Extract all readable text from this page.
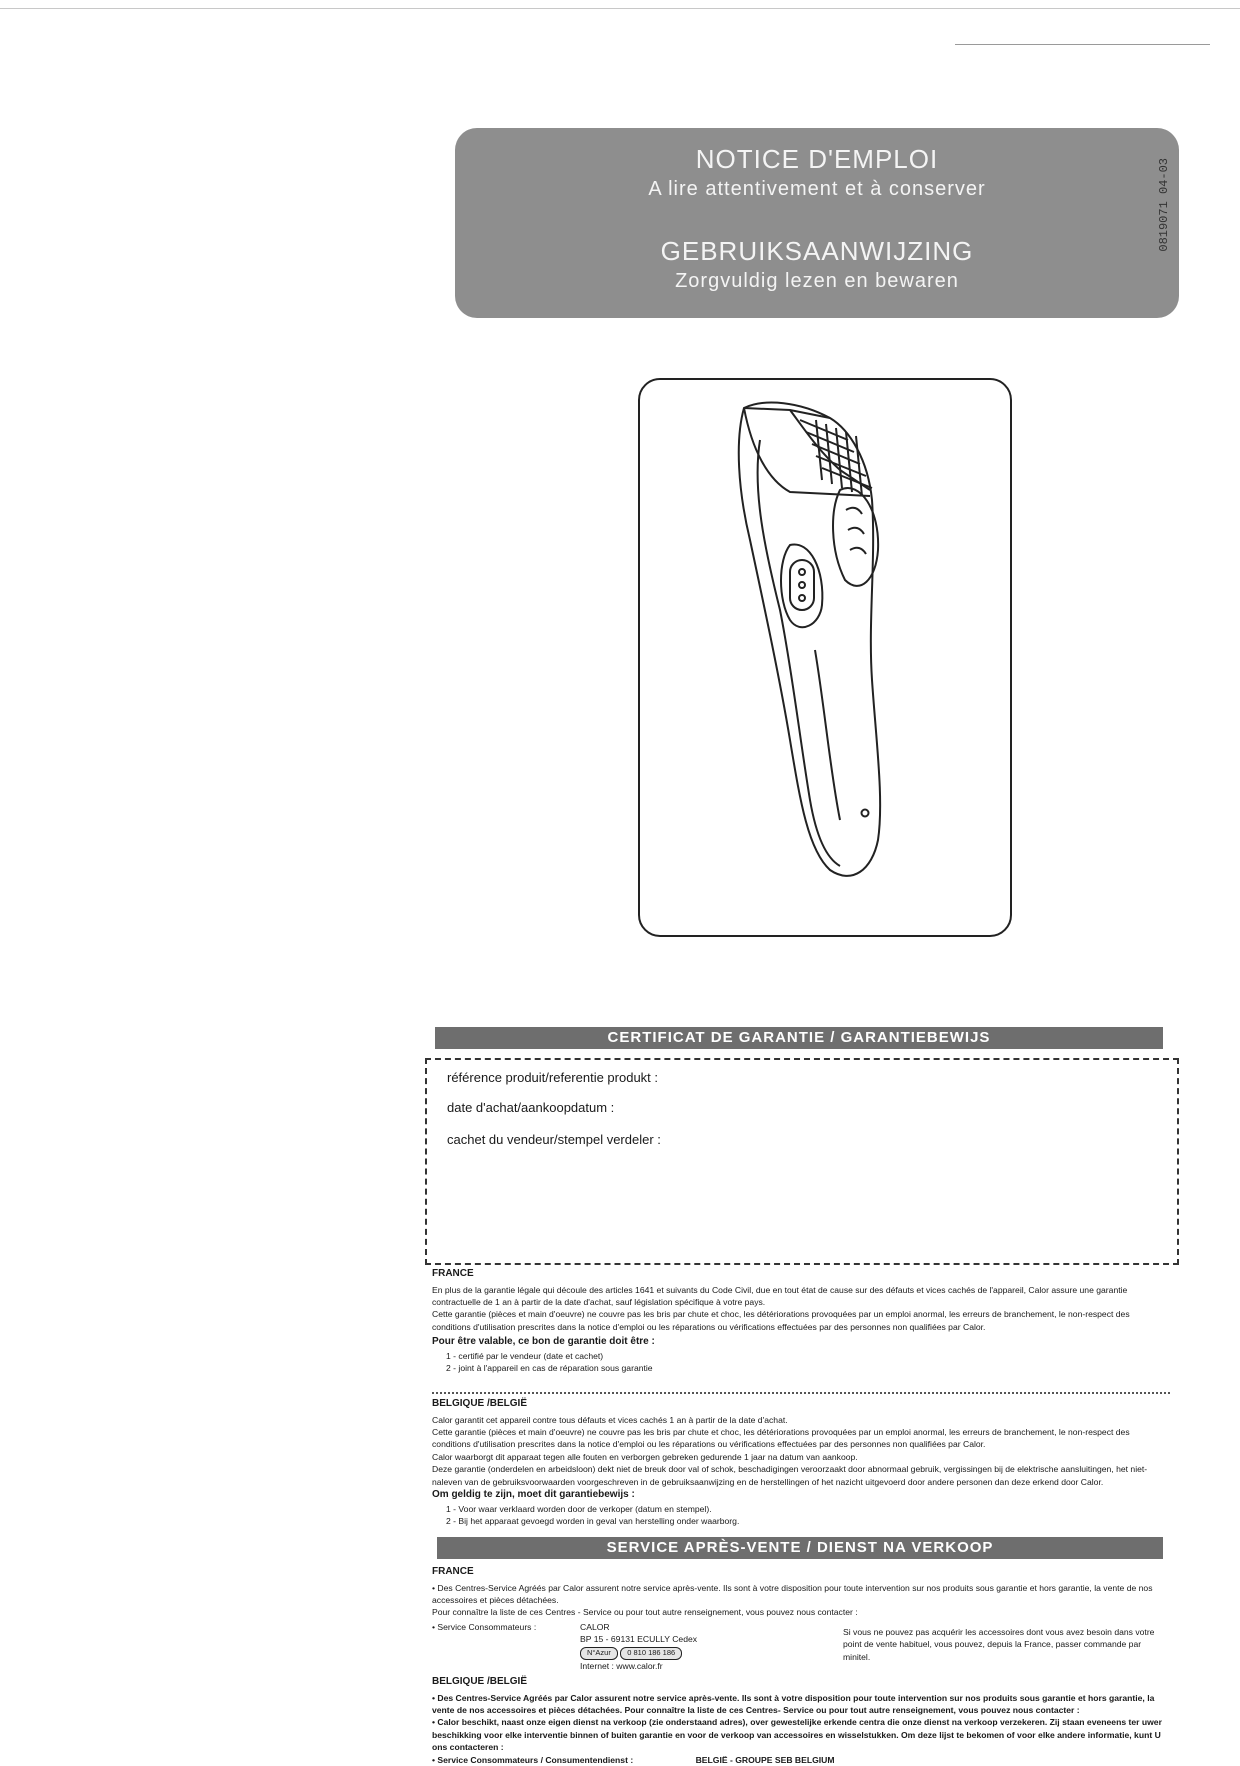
NOTICE D'EMPLOI
A lire attentivement et à conserver
GEBRUIKSAANWIJZING
Zorgvuldig lezen en bewaren
0819071 04-03
CERTIFICAT DE GARANTIE / GARANTIEBEWIJS
référence produit/referentie produkt :
date d'achat/aankoopdatum :
cachet du vendeur/stempel verdeler :

FRANCE

En plus de la garantie légale qui découle des articles 1641 et suivants du Code Civil, due en tout état de cause sur des défauts et vices cachés de l'appareil, Calor assure une garantie contractuelle de 1 an à partir de la date d'achat, sauf législation spécifique à votre pays.

Cette garantie (pièces et main d'oeuvre) ne couvre pas les bris par chute et choc, les détériorations provoquées par un emploi anormal, les erreurs de branchement, le non-respect des conditions d'utilisation prescrites dans la notice d'emploi ou les réparations ou vérifications effectuées par des personnes non qualifiées par Calor.

Pour être valable, ce bon de garantie doit être :

1 - certifié par le vendeur (date et cachet)

2 - joint à l'appareil en cas de réparation sous garantie

BELGIQUE /BELGIË

Calor garantit cet appareil contre tous défauts et vices cachés 1 an à partir de la date d'achat.

Cette garantie (pièces et main d'oeuvre) ne couvre pas les bris par chute et choc, les détériorations provoquées par un emploi anormal, les erreurs de branchement, le non-respect des conditions d'utilisation prescrites dans la notice d'emploi ou les réparations ou vérifications effectuées par des personnes non qualifiées par Calor.

Calor waarborgt dit apparaat tegen alle fouten en verborgen gebreken gedurende 1 jaar na datum van aankoop.

Deze garantie (onderdelen en arbeidsloon) dekt niet de breuk door val of schok, beschadigingen veroorzaakt door abnormaal gebruik, vergissingen bij de elektrische aansluitingen, het niet-naleven van de gebruiksvoorwaarden voorgeschreven in de gebruiksaanwijzing en de herstellingen of het nazicht uitgevoerd door andere personen dan deze erkend door Calor.

Om geldig te zijn, moet dit garantiebewijs :

1 - Voor waar verklaard worden door de verkoper (datum en stempel).

2 - Bij het apparaat gevoegd worden in geval van herstelling onder waarborg.

SERVICE APRÈS-VENTE / DIENST NA VERKOOP

FRANCE

• Des Centres-Service Agréés par Calor assurent notre service après-vente. Ils sont à votre disposition pour toute intervention sur nos produits sous garantie et hors garantie, la vente de nos accessoires et pièces détachées.

Pour connaître la liste de ces Centres - Service ou pour tout autre renseignement, vous pouvez nous contacter :

• Service Consommateurs :	CALOR
BP 15 - 69131 ECULLY Cedex
N°Azur 0 810 186 186
Internet : www.calor.fr
Si vous ne pouvez pas acquérir les accessoires dont vous avez besoin dans votre point de vente habituel, vous pouvez, depuis la France, passer commande par minitel.

BELGIQUE /BELGIË

• Des Centres-Service Agréés par Calor assurent notre service après-vente. Ils sont à votre disposition pour toute intervention sur nos produits sous garantie et hors garantie, la vente de nos accessoires et pièces détachées. Pour connaître la liste de ces Centres- Service ou pour tout autre renseignement, vous pouvez nous contacter :

• Calor beschikt, naast onze eigen dienst na verkoop (zie onderstaand adres), over gewestelijke erkende centra die onze dienst na verkoop verzekeren. Zij staan eveneens ter uwer beschikking voor elke interventie binnen of buiten garantie en voor de verkoop van accessoires en wisselstukken. Om deze lijst te bekomen of voor elke andere informatie, kunt U ons contacteren :

• Service Consommateurs / Consumentendienst :	BELGIË - GROUPE SEB BELGIUM
